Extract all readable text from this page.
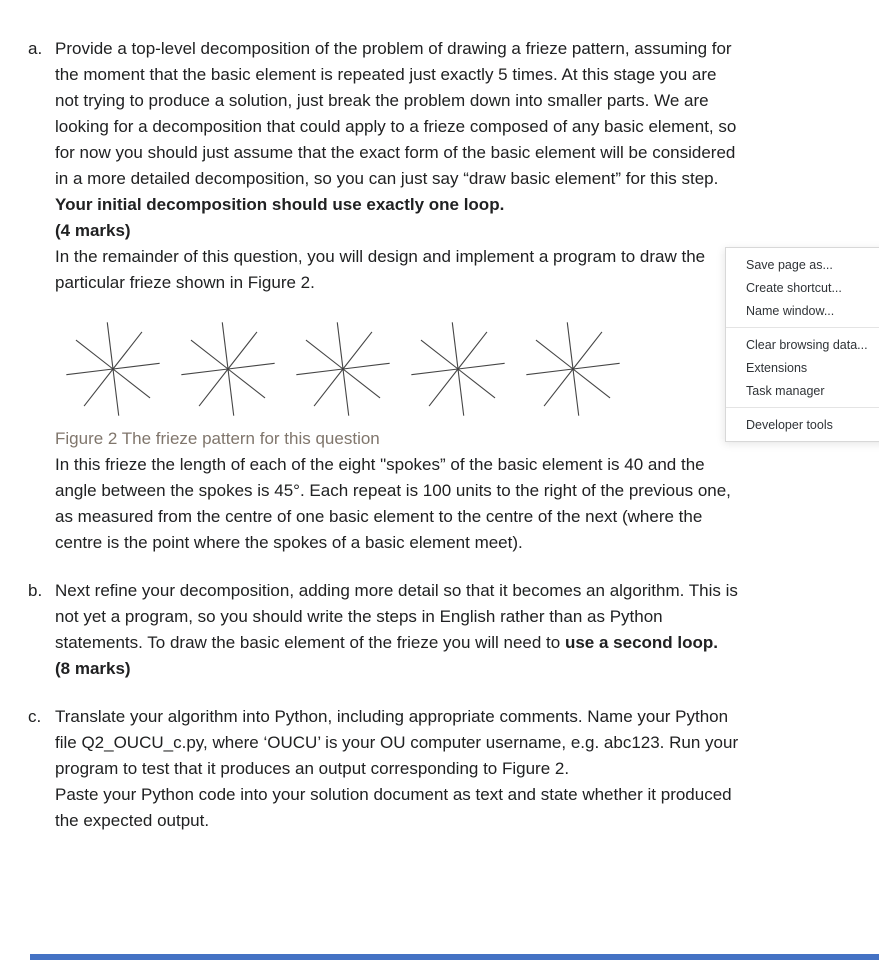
a. Provide a top-level decomposition of the problem of drawing a frieze pattern, assuming for the moment that the basic element is repeated just exactly 5 times. At this stage you are not trying to produce a solution, just break the problem down into smaller parts. We are looking for a decomposition that could apply to a frieze composed of any basic element, so for now you should just assume that the exact form of the basic element will be considered in a more detailed decomposition, so you can just say “draw basic element” for this step. Your initial decomposition should use exactly one loop.

(4 marks)

In the remainder of this question, you will design and implement a program to draw the particular frieze shown in Figure 2.

Figure 2 The frieze pattern for this question

In this frieze the length of each of the eight "spokes” of the basic element is 40 and the angle between the spokes is 45°. Each repeat is 100 units to the right of the previous one, as measured from the centre of one basic element to the centre of the next (where the centre is the point where the spokes of a basic element meet).

b. Next refine your decomposition, adding more detail so that it becomes an algorithm. This is not yet a program, so you should write the steps in English rather than as Python statements. To draw the basic element of the frieze you will need to use a second loop.

(8 marks)

c. Translate your algorithm into Python, including appropriate comments. Name your Python file Q2_OUCU_c.py, where ‘OUCU’ is your OU computer username, e.g. abc123. Run your program to test that it produces an output corresponding to Figure 2.

Paste your Python code into your solution document as text and state whether it produced the expected output.

Save page as...
Create shortcut...
Name window...
Clear browsing data...
Extensions
Task manager
Developer tools
